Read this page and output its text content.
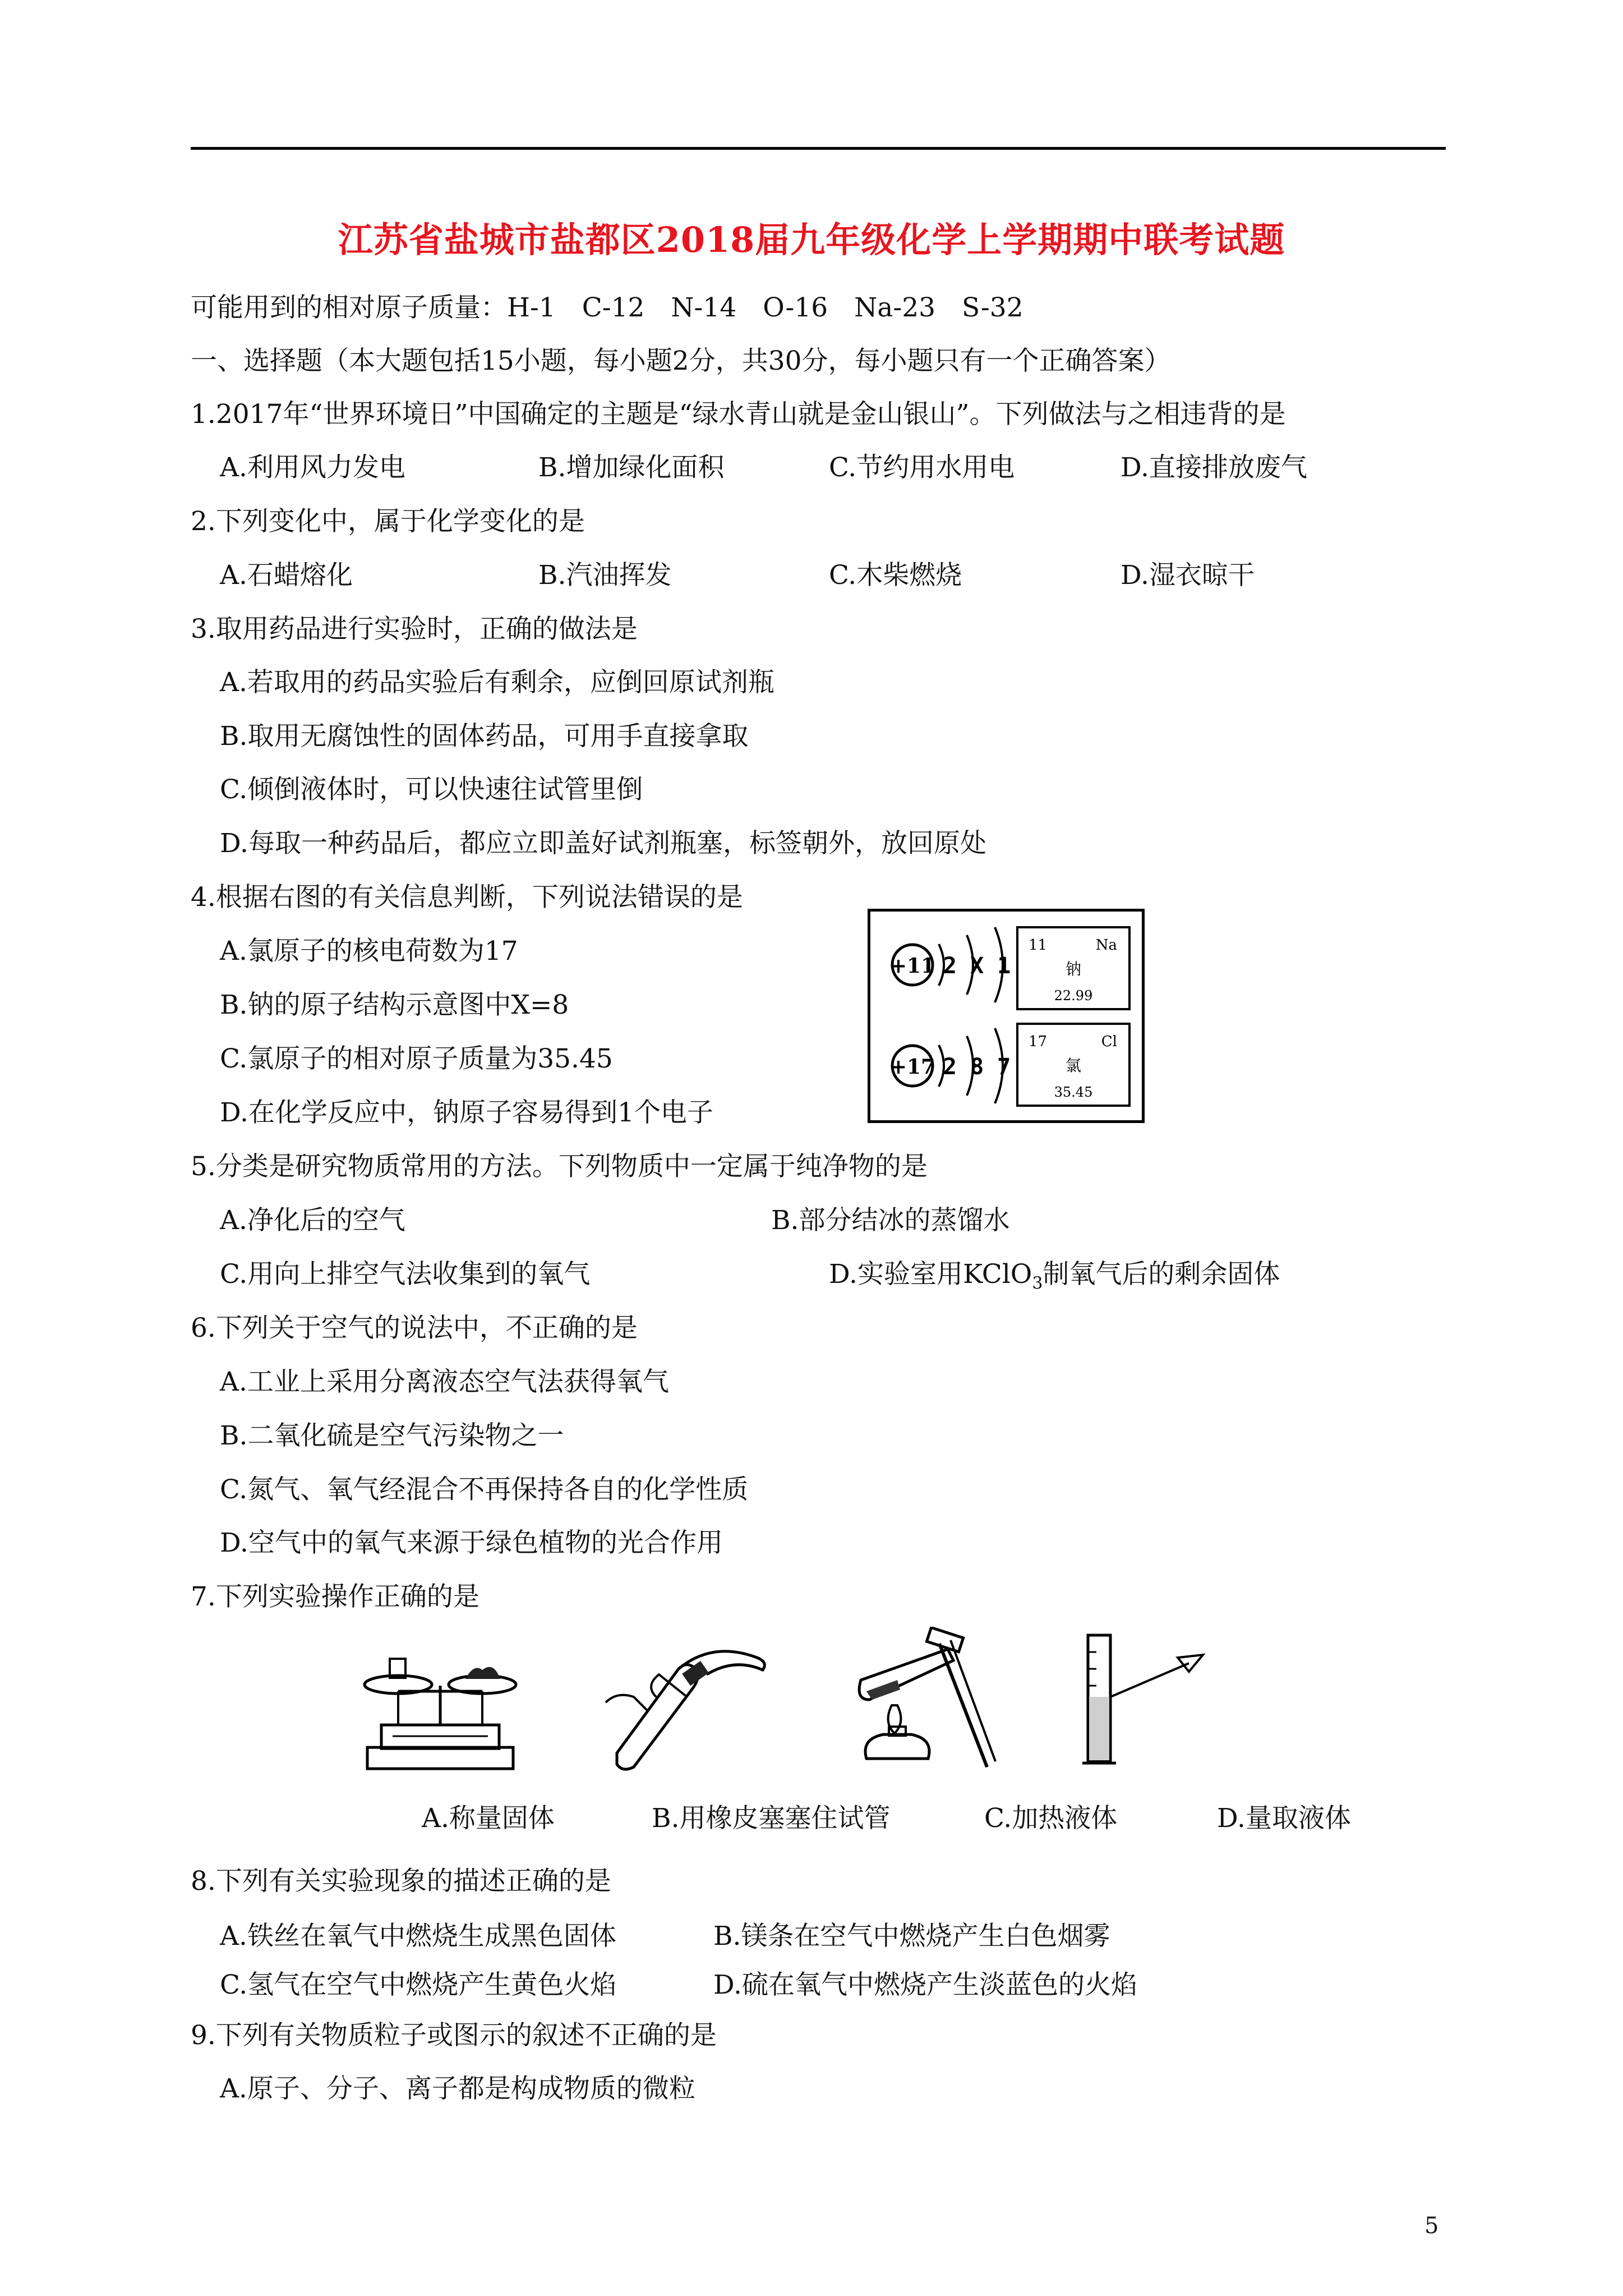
江苏省盐城市盐都区2018届九年级化学上学期期中联考试题
可能用到的相对原子质量：H-1　C-12　N-14　O-16　Na-23　S-32
一、选择题（本大题包括15小题，每小题2分，共30分，每小题只有一个正确答案）
1.2017年“世界环境日”中国确定的主题是“绿水青山就是金山银山”。下列做法与之相违背的是
A.利用风力发电	B.增加绿化面积	C.节约用水用电	D.直接排放废气
2.下列变化中，属于化学变化的是
A.石蜡熔化	B.汽油挥发	C.木柴燃烧	D.湿衣晾干
3.取用药品进行实验时，正确的做法是
A.若取用的药品实验后有剩余，应倒回原试剂瓶
B.取用无腐蚀性的固体药品，可用手直接拿取
C.倾倒液体时，可以快速往试管里倒
D.每取一种药品后，都应立即盖好试剂瓶塞，标签朝外，放回原处
4.根据右图的有关信息判断，下列说法错误的是
A.氯原子的核电荷数为17
B.钠的原子结构示意图中X=8
C.氯原子的相对原子质量为35.45
D.在化学反应中，钠原子容易得到1个电子
+11 2 X 1
11	Na
钠
22.99
+17 2 8 7
17	Cl
氯
35.45
5.分类是研究物质常用的方法。下列物质中一定属于纯净物的是
A.净化后的空气	B.部分结冰的蒸馏水
C.用向上排空气法收集到的氧气	D.实验室用KClO$_3$制氧气后的剩余固体
6.下列关于空气的说法中，不正确的是
A.工业上采用分离液态空气法获得氧气
B.二氧化硫是空气污染物之一
C.氮气、氧气经混合不再保持各自的化学性质
D.空气中的氧气来源于绿色植物的光合作用
7.下列实验操作正确的是
A.称量固体	B.用橡皮塞塞住试管	C.加热液体	D.量取液体
8.下列有关实验现象的描述正确的是
A.铁丝在氧气中燃烧生成黑色固体	B.镁条在空气中燃烧产生白色烟雾
C.氢气在空气中燃烧产生黄色火焰	D.硫在氧气中燃烧产生淡蓝色的火焰
9.下列有关物质粒子或图示的叙述不正确的是
A.原子、分子、离子都是构成物质的微粒
5
